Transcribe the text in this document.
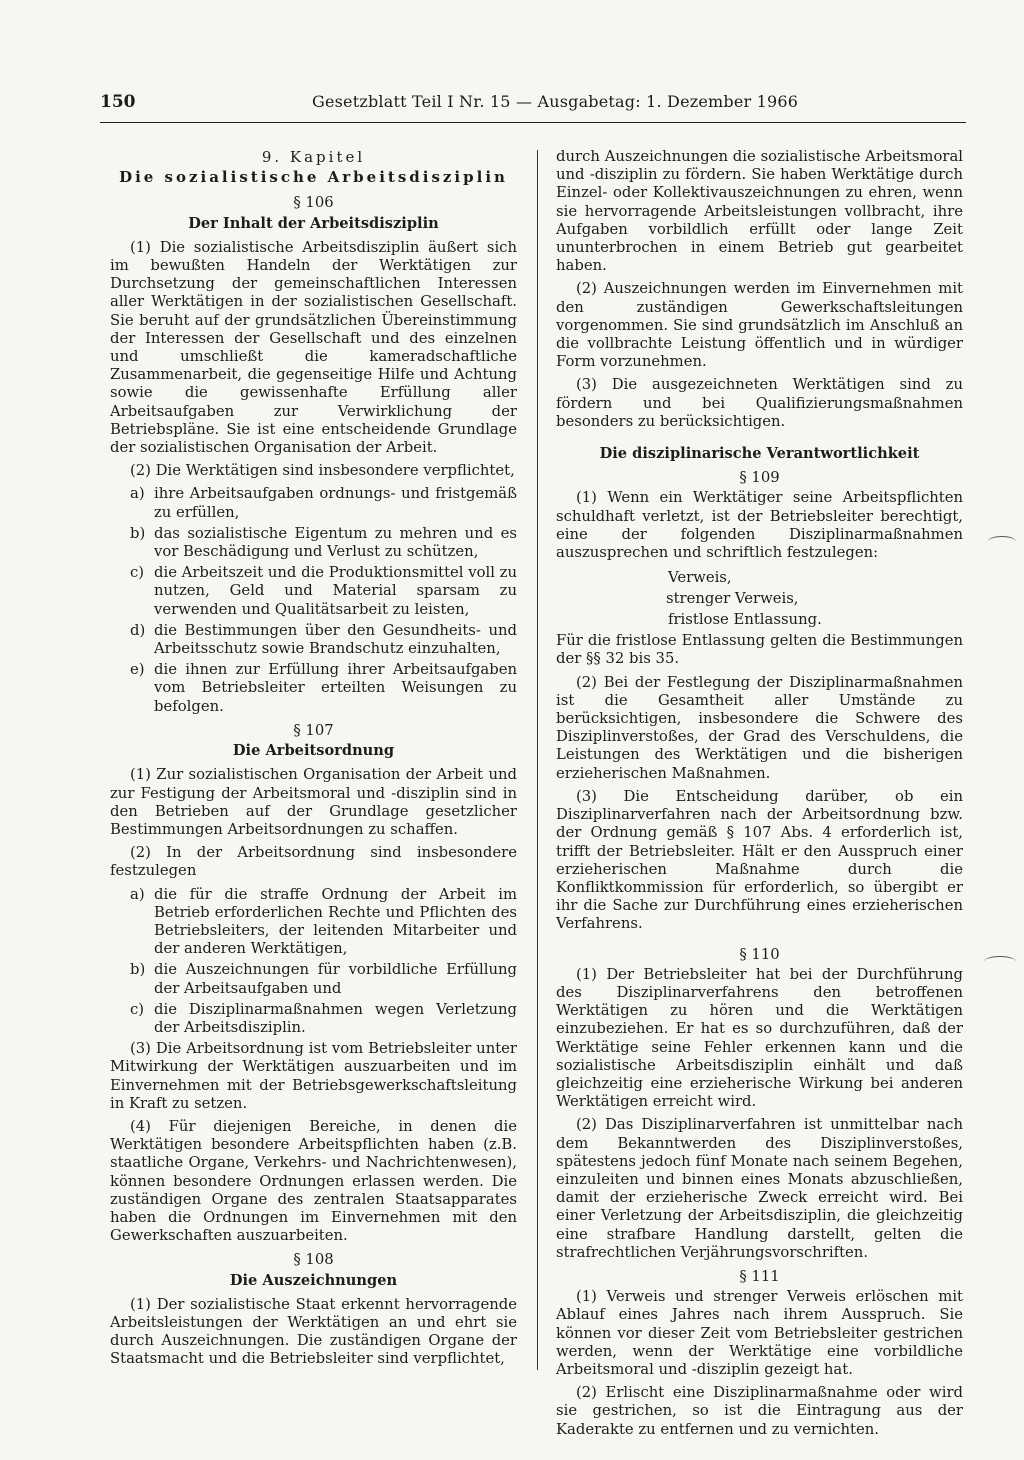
150	Gesetzblatt Teil I Nr. 15 — Ausgabetag: 1. Dezember 1966
9. Kapitel
Die sozialistische Arbeitsdisziplin
§ 106
Der Inhalt der Arbeitsdisziplin

(1) Die sozialistische Arbeitsdisziplin äußert sich im bewußten Handeln der Werktätigen zur Durchsetzung der gemeinschaftlichen Interessen aller Werktätigen in der sozialistischen Gesellschaft. Sie beruht auf der grundsätzlichen Übereinstimmung der Interessen der Gesellschaft und des einzelnen und umschließt die kameradschaftliche Zusammenarbeit, die gegenseitige Hilfe und Achtung sowie die gewissenhafte Erfüllung aller Arbeitsaufgaben zur Verwirklichung der Betriebspläne. Sie ist eine entscheidende Grundlage der sozialistischen Organisation der Arbeit.

(2) Die Werktätigen sind insbesondere verpflichtet,

a) ihre Arbeitsaufgaben ordnungs- und fristgemäß zu erfüllen,
b) das sozialistische Eigentum zu mehren und es vor Beschädigung und Verlust zu schützen,
c) die Arbeitszeit und die Produktionsmittel voll zu nutzen, Geld und Material sparsam zu verwenden und Qualitätsarbeit zu leisten,
d) die Bestimmungen über den Gesundheits- und Arbeitsschutz sowie Brandschutz einzuhalten,
e) die ihnen zur Erfüllung ihrer Arbeitsaufgaben vom Betriebsleiter erteilten Weisungen zu befolgen.
§ 107
Die Arbeitsordnung

(1) Zur sozialistischen Organisation der Arbeit und zur Festigung der Arbeitsmoral und -disziplin sind in den Betrieben auf der Grundlage gesetzlicher Bestimmungen Arbeitsordnungen zu schaffen.

(2) In der Arbeitsordnung sind insbesondere festzulegen

a) die für die straffe Ordnung der Arbeit im Betrieb erforderlichen Rechte und Pflichten des Betriebsleiters, der leitenden Mitarbeiter und der anderen Werktätigen,
b) die Auszeichnungen für vorbildliche Erfüllung der Arbeitsaufgaben und
c) die Disziplinarmaßnahmen wegen Verletzung der Arbeitsdisziplin.

(3) Die Arbeitsordnung ist vom Betriebsleiter unter Mitwirkung der Werktätigen auszuarbeiten und im Einvernehmen mit der Betriebsgewerkschaftsleitung in Kraft zu setzen.

(4) Für diejenigen Bereiche, in denen die Werktätigen besondere Arbeitspflichten haben (z.B. staatliche Organe, Verkehrs- und Nachrichtenwesen), können besondere Ordnungen erlassen werden. Die zuständigen Organe des zentralen Staatsapparates haben die Ordnungen im Einvernehmen mit den Gewerkschaften auszuarbeiten.

§ 108
Die Auszeichnungen

(1) Der sozialistische Staat erkennt hervorragende Arbeitsleistungen der Werktätigen an und ehrt sie durch Auszeichnungen. Die zuständigen Organe der Staatsmacht und die Betriebsleiter sind verpflichtet,

durch Auszeichnungen die sozialistische Arbeitsmoral und -disziplin zu fördern. Sie haben Werktätige durch Einzel- oder Kollektivauszeichnungen zu ehren, wenn sie hervorragende Arbeitsleistungen vollbracht, ihre Aufgaben vorbildlich erfüllt oder lange Zeit ununterbrochen in einem Betrieb gut gearbeitet haben.

(2) Auszeichnungen werden im Einvernehmen mit den zuständigen Gewerkschaftsleitungen vorgenommen. Sie sind grundsätzlich im Anschluß an die vollbrachte Leistung öffentlich und in würdiger Form vorzunehmen.

(3) Die ausgezeichneten Werktätigen sind zu fördern und bei Qualifizierungsmaßnahmen besonders zu berücksichtigen.

Die disziplinarische Verantwortlichkeit
§ 109

(1) Wenn ein Werktätiger seine Arbeitspflichten schuldhaft verletzt, ist der Betriebsleiter berechtigt, eine der folgenden Disziplinarmaßnahmen auszusprechen und schriftlich festzulegen:

Verweis,
strenger Verweis,
fristlose Entlassung.

Für die fristlose Entlassung gelten die Bestimmungen der §§ 32 bis 35.

(2) Bei der Festlegung der Disziplinarmaßnahmen ist die Gesamtheit aller Umstände zu berücksichtigen, insbesondere die Schwere des Disziplinverstoßes, der Grad des Verschuldens, die Leistungen des Werktätigen und die bisherigen erzieherischen Maßnahmen.

(3) Die Entscheidung darüber, ob ein Disziplinarverfahren nach der Arbeitsordnung bzw. der Ordnung gemäß § 107 Abs. 4 erforderlich ist, trifft der Betriebsleiter. Hält er den Ausspruch einer erzieherischen Maßnahme durch die Konfliktkommission für erforderlich, so übergibt er ihr die Sache zur Durchführung eines erzieherischen Verfahrens.

§ 110

(1) Der Betriebsleiter hat bei der Durchführung des Disziplinarverfahrens den betroffenen Werktätigen zu hören und die Werktätigen einzubeziehen. Er hat es so durchzuführen, daß der Werktätige seine Fehler erkennen kann und die sozialistische Arbeitsdisziplin einhält und daß gleichzeitig eine erzieherische Wirkung bei anderen Werktätigen erreicht wird.

(2) Das Disziplinarverfahren ist unmittelbar nach dem Bekanntwerden des Disziplinverstoßes, spätestens jedoch fünf Monate nach seinem Begehen, einzuleiten und binnen eines Monats abzuschließen, damit der erzieherische Zweck erreicht wird. Bei einer Verletzung der Arbeitsdisziplin, die gleichzeitig eine strafbare Handlung darstellt, gelten die strafrechtlichen Verjährungsvorschriften.

§ 111

(1) Verweis und strenger Verweis erlöschen mit Ablauf eines Jahres nach ihrem Ausspruch. Sie können vor dieser Zeit vom Betriebsleiter gestrichen werden, wenn der Werktätige eine vorbildliche Arbeitsmoral und -disziplin gezeigt hat.

(2) Erlischt eine Disziplinarmaßnahme oder wird sie gestrichen, so ist die Eintragung aus der Kaderakte zu entfernen und zu vernichten.
